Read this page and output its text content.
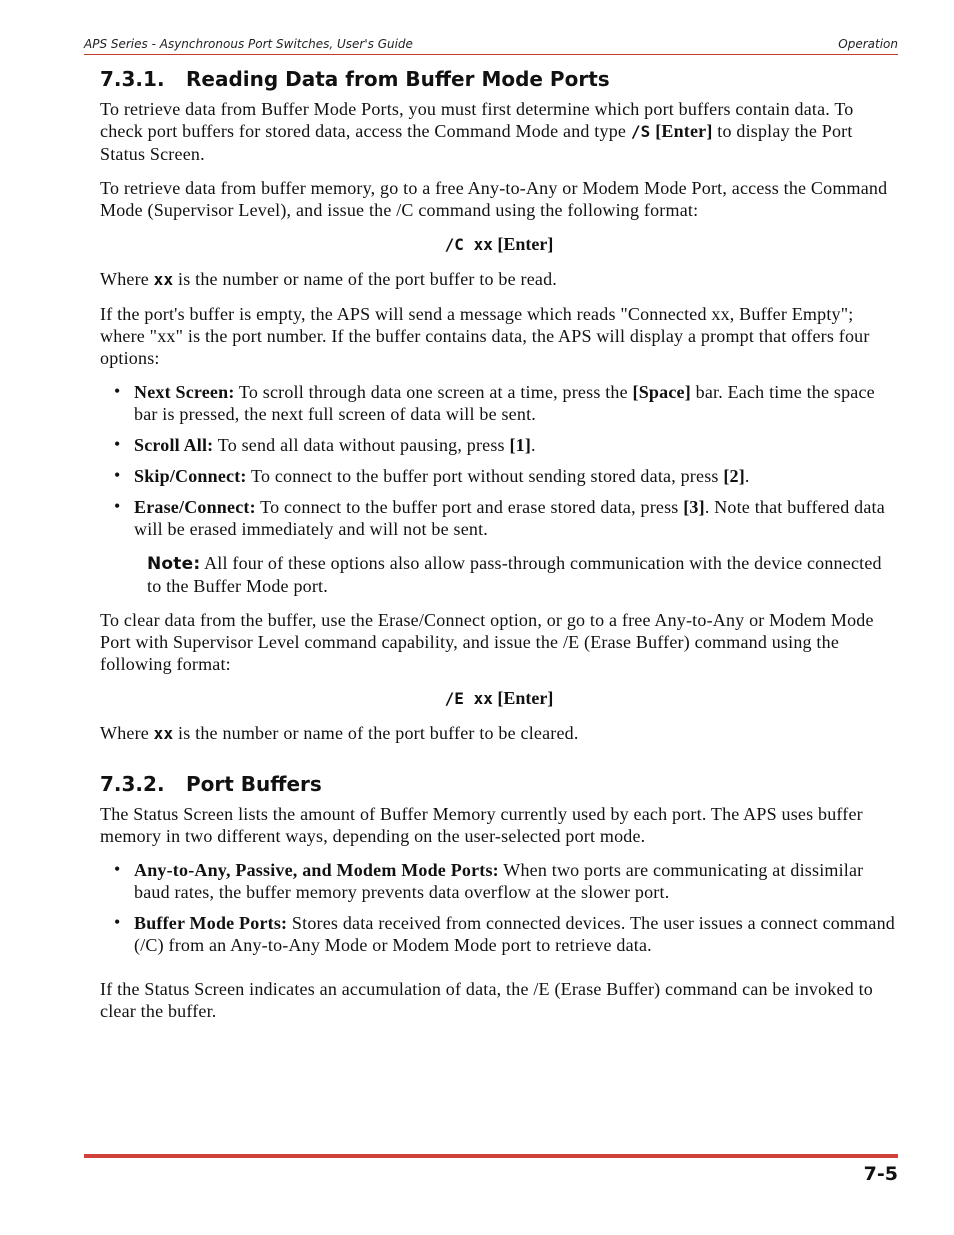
APS Series - Asynchronous Port Switches, User's Guide	Operation
7.3.1. Reading Data from Buffer Mode Ports

To retrieve data from Buffer Mode Ports, you must first determine which port buffers contain data. To check port buffers for stored data, access the Command Mode and type /S [Enter] to display the Port Status Screen.

To retrieve data from buffer memory, go to a free Any-to-Any or Modem Mode Port, access the Command Mode (Supervisor Level), and issue the /C command using the following format:

/C xx [Enter]

Where xx is the number or name of the port buffer to be read.

If the port's buffer is empty, the APS will send a message which reads "Connected xx, Buffer Empty"; where "xx" is the port number. If the buffer contains data, the APS will display a prompt that offers four options:

• Next Screen: To scroll through data one screen at a time, press the [Space] bar. Each time the space bar is pressed, the next full screen of data will be sent.
• Scroll All: To send all data without pausing, press [1].
• Skip/Connect: To connect to the buffer port without sending stored data, press [2].
• Erase/Connect: To connect to the buffer port and erase stored data, press [3]. Note that buffered data will be erased immediately and will not be sent.

Note: All four of these options also allow pass-through communication with the device connected to the Buffer Mode port.

To clear data from the buffer, use the Erase/Connect option, or go to a free Any-to-Any or Modem Mode Port with Supervisor Level command capability, and issue the /E (Erase Buffer) command using the following format:

/E xx [Enter]

Where xx is the number or name of the port buffer to be cleared.

7.3.2. Port Buffers

The Status Screen lists the amount of Buffer Memory currently used by each port. The APS uses buffer memory in two different ways, depending on the user-selected port mode.

• Any-to-Any, Passive, and Modem Mode Ports: When two ports are communicating at dissimilar baud rates, the buffer memory prevents data overflow at the slower port.
• Buffer Mode Ports: Stores data received from connected devices. The user issues a connect command (/C) from an Any-to-Any Mode or Modem Mode port to retrieve data.

If the Status Screen indicates an accumulation of data, the /E (Erase Buffer) command can be invoked to clear the buffer.

7-5
